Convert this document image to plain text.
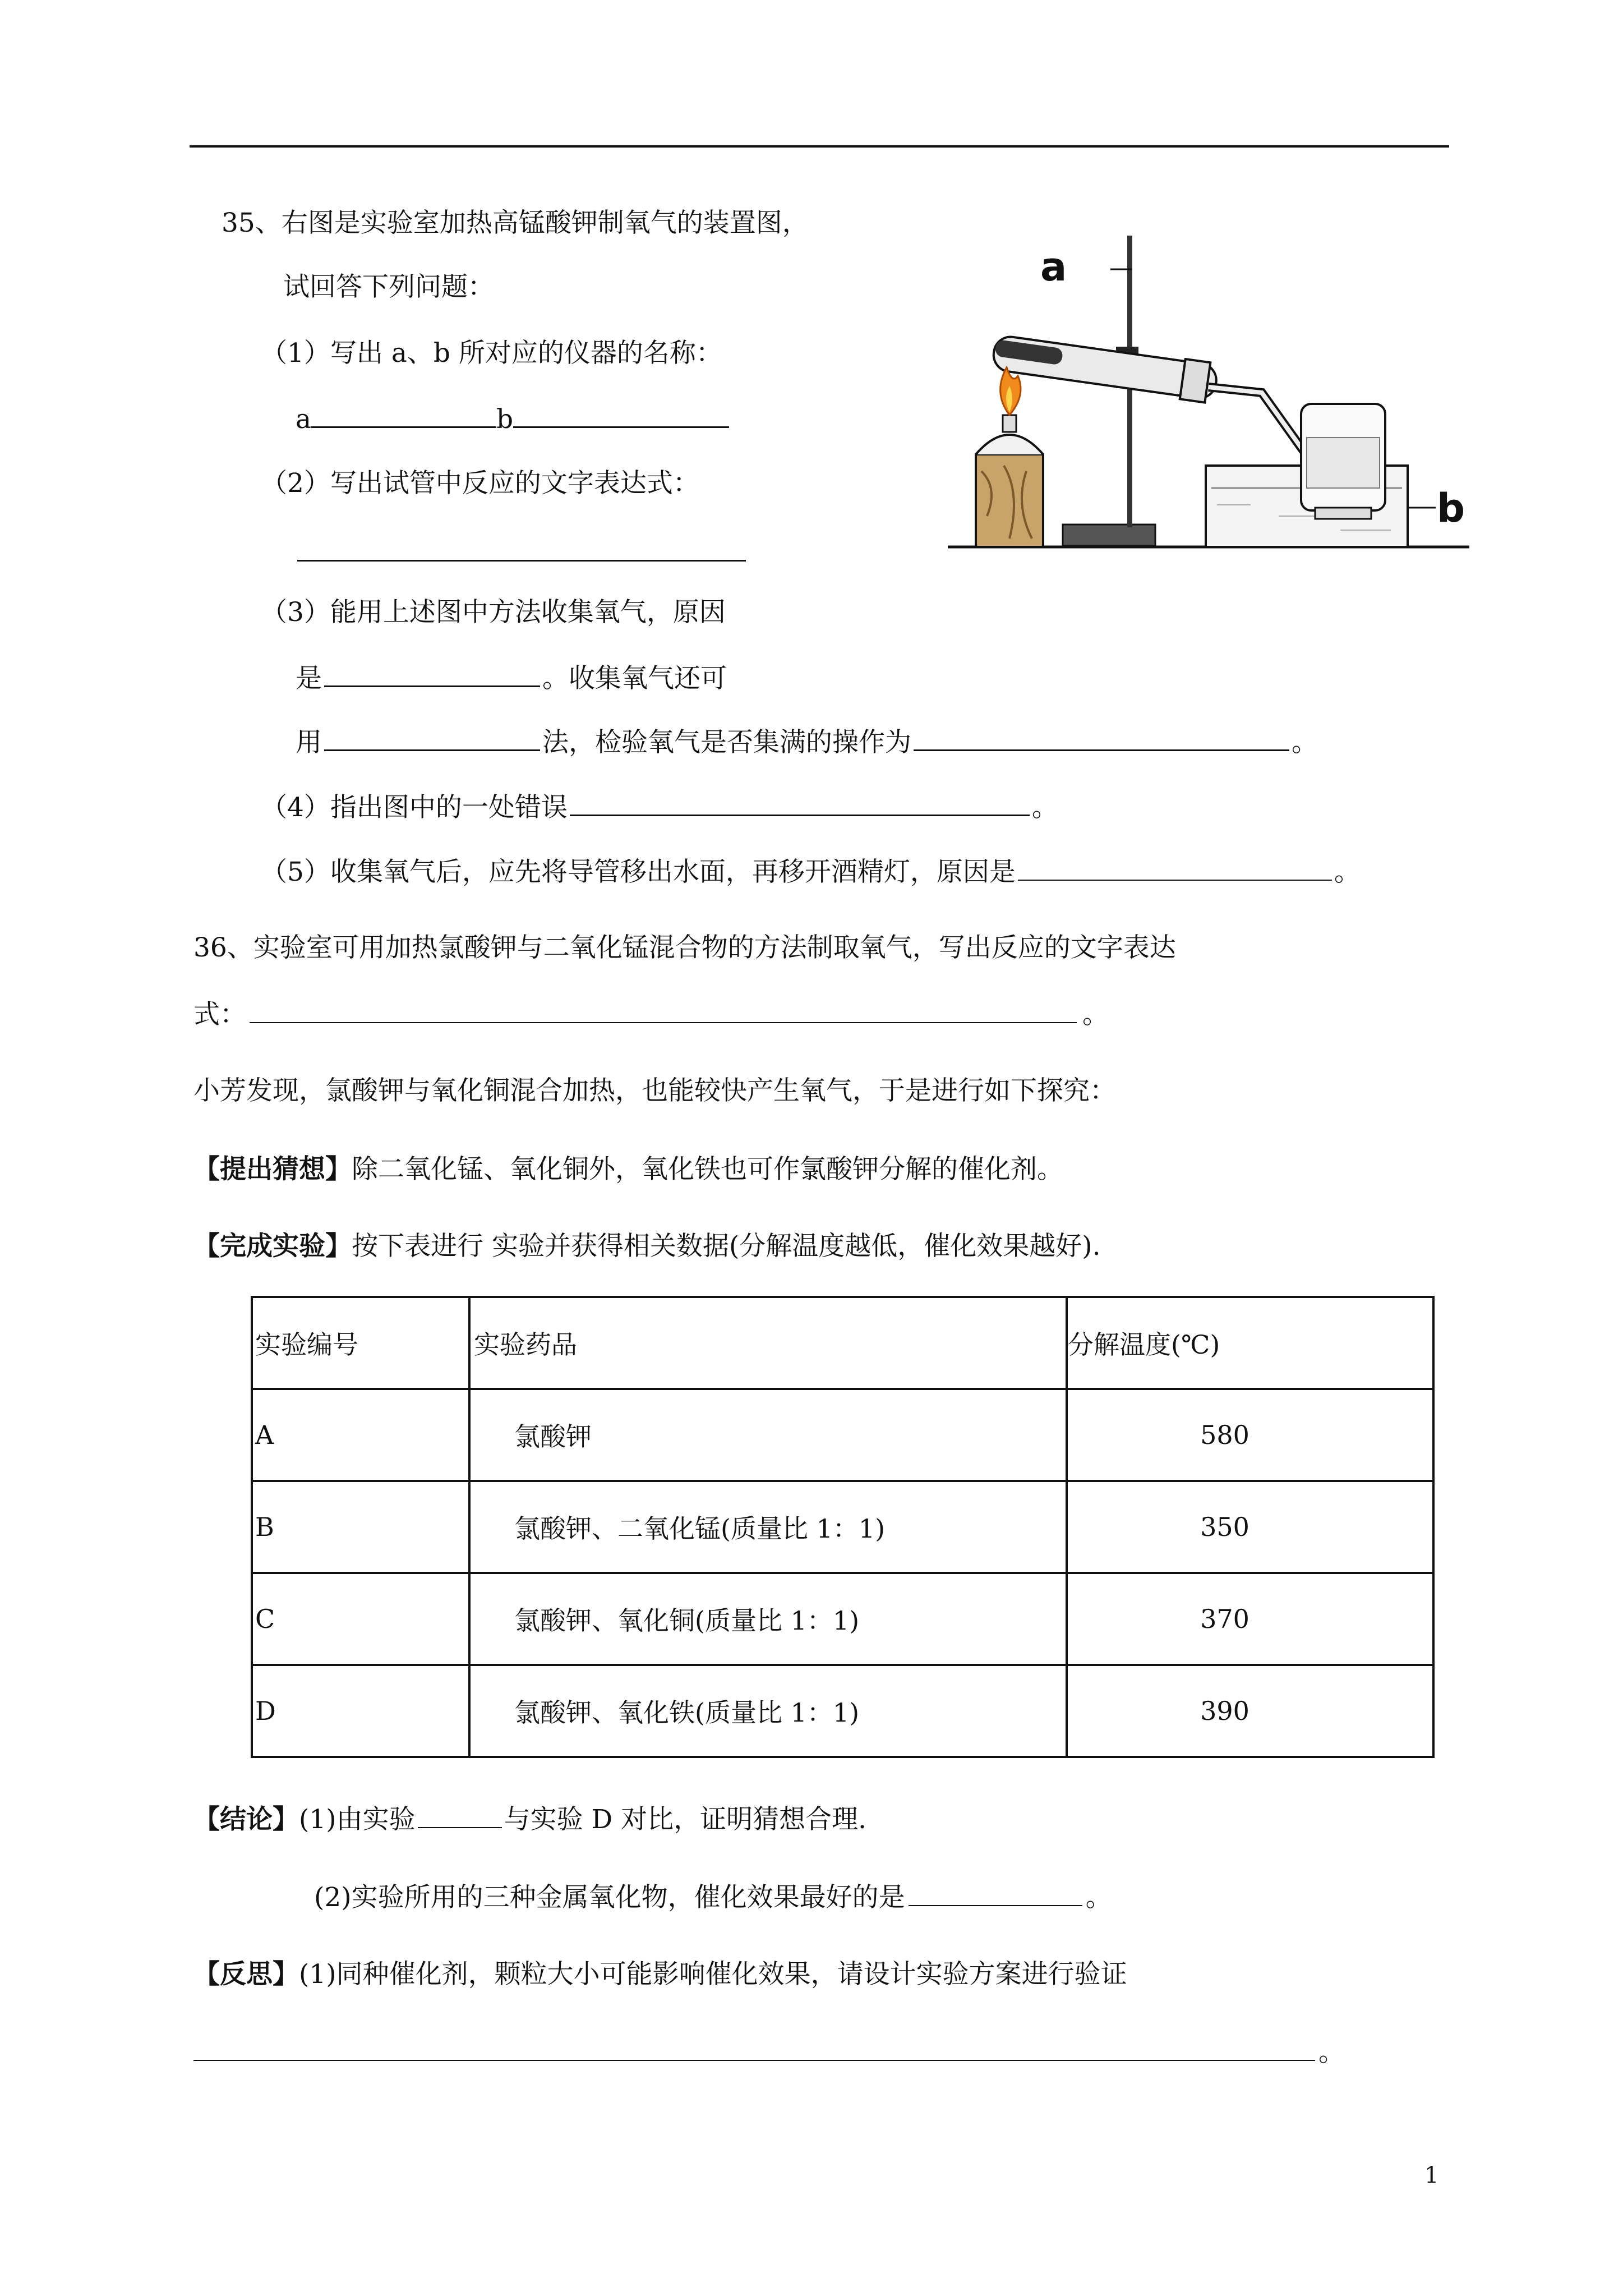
35、右图是实验室加热高锰酸钾制氧气的装置图，
试回答下列问题：
（1）写出 a、b 所对应的仪器的名称：
a	b
（2）写出试管中反应的文字表达式：
（3）能用上述图中方法收集氧气，原因
是	。收集氧气还可
用	法，检验氧气是否集满的操作为	。
（4）指出图中的一处错误	。
（5）收集氧气后，应先将导管移出水面，再移开酒精灯，原因是	。
a
b
36、实验室可用加热氯酸钾与二氧化锰混合物的方法制取氧气，写出反应的文字表达
式：	。
小芳发现，氯酸钾与氧化铜混合加热，也能较快产生氧气，于是进行如下探究：
【提出猜想】除二氧化锰、氧化铜外，氧化铁也可作氯酸钾分解的催化剂。
【完成实验】按下表进行 实验并获得相关数据(分解温度越低，催化效果越好).
实验编号	实验药品	分解温度(℃)
A	氯酸钾	580
B	氯酸钾、二氧化锰(质量比 1：1)	350
C	氯酸钾、氧化铜(质量比 1：1)	370
D	氯酸钾、氧化铁(质量比 1：1)	390
【结论】(1)由实验	与实验 D 对比，证明猜想合理.
(2)实验所用的三种金属氧化物，催化效果最好的是	。
【反思】(1)同种催化剂，颗粒大小可能影响催化效果，请设计实验方案进行验证
。
1
